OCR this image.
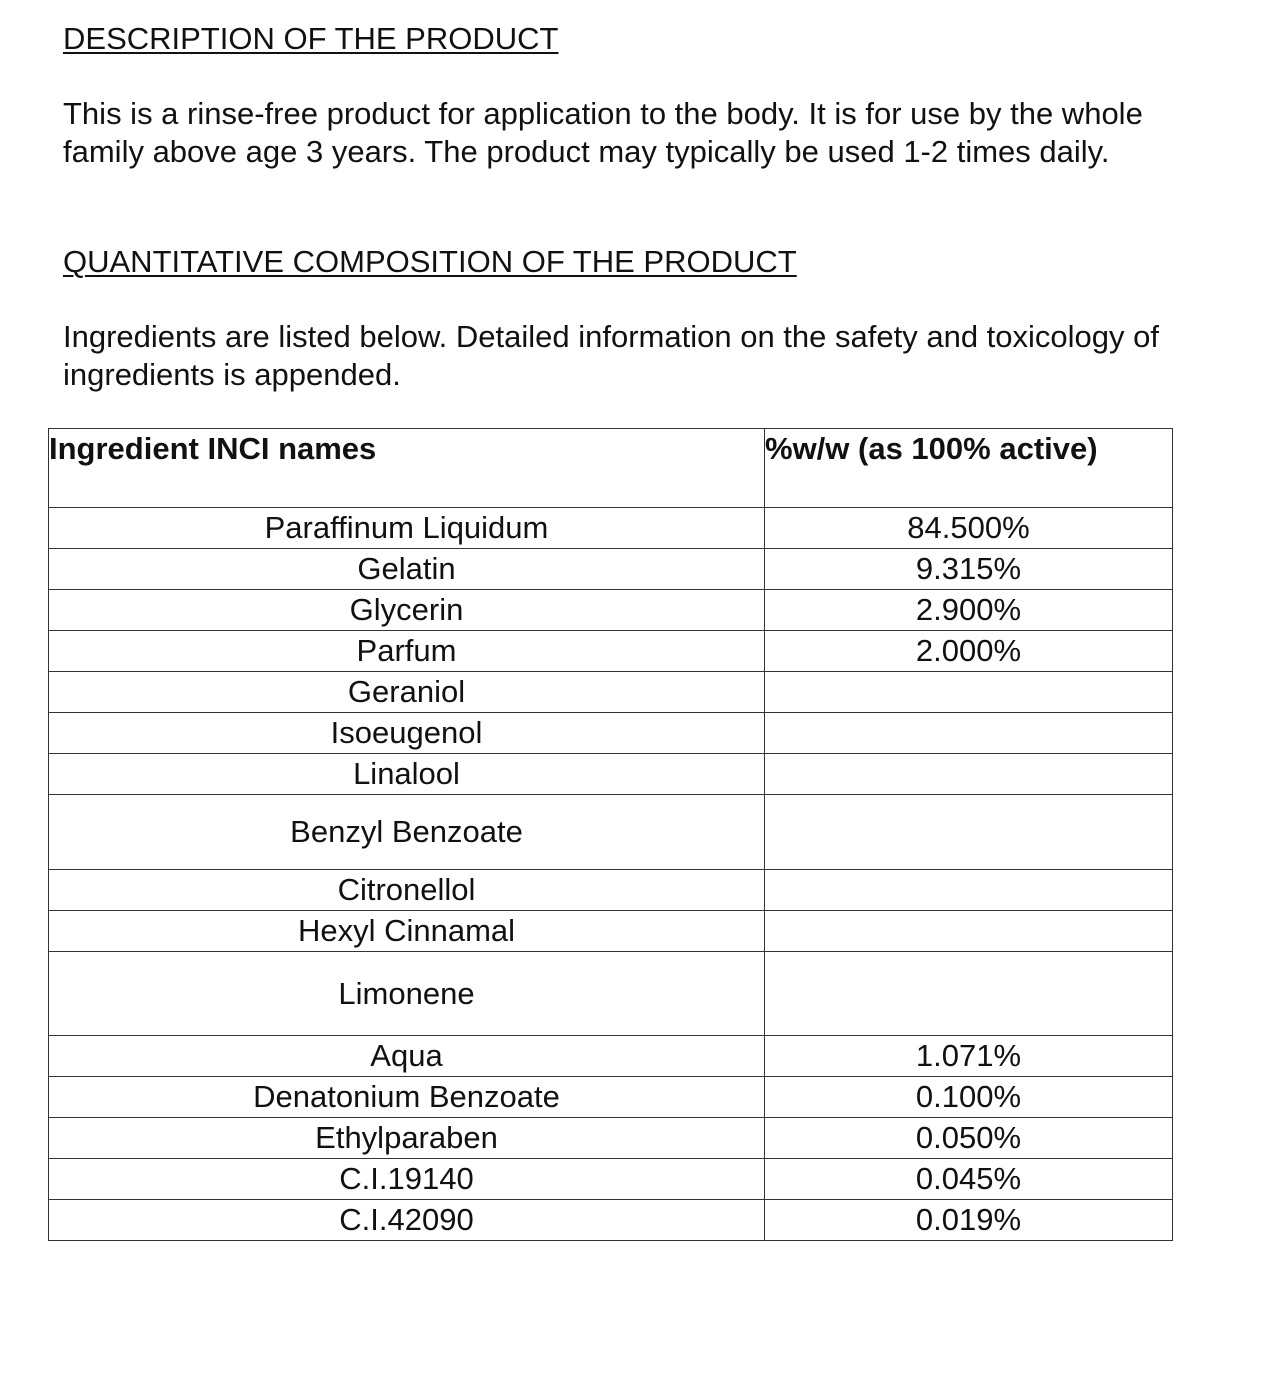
DESCRIPTION OF THE PRODUCT

This is a rinse-free product for application to the body. It is for use by the whole family above age 3 years. The product may typically be used 1-2 times daily.

QUANTITATIVE COMPOSITION OF THE PRODUCT

Ingredients are listed below. Detailed information on the safety and toxicology of ingredients is appended.

Ingredient INCI names	%w/w (as 100% active)
Paraffinum Liquidum	84.500%
Gelatin	9.315%
Glycerin	2.900%
Parfum	2.000%
Geraniol	
Isoeugenol	
Linalool	
Benzyl Benzoate	
Citronellol	
Hexyl Cinnamal	
Limonene	
Aqua	1.071%
Denatonium Benzoate	0.100%
Ethylparaben	0.050%
C.I.19140	0.045%
C.I.42090	0.019%
